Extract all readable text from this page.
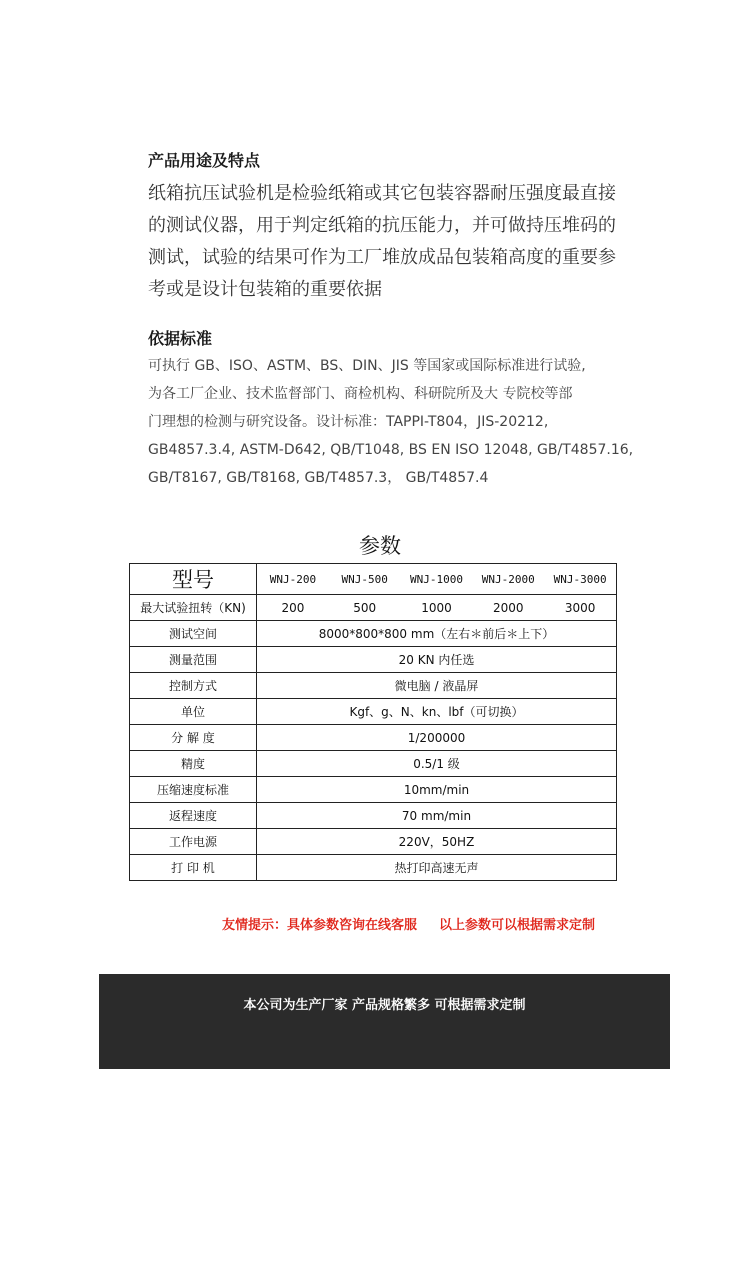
产品用途及特点
纸箱抗压试验机是检验纸箱或其它包装容器耐压强度最直接
的测试仪器，用于判定纸箱的抗压能力，并可做持压堆码的
测试，试验的结果可作为工厂堆放成品包装箱高度的重要参
考或是设计包装箱的重要依据
依据标准
可执行 GB、ISO、ASTM、BS、DIN、JIS 等国家或国际标准进行试验,
为各工厂企业、技术监督部门、商检机构、科研院所及大 专院校等部
门理想的检测与研究设备。设计标准：TAPPI-T804，JIS-20212,
GB4857.3.4, ASTM-D642, QB/T1048, BS EN ISO 12048, GB/T4857.16,
GB/T8167, GB/T8168, GB/T4857.3， GB/T4857.4
参数
型号	WNJ-200 WNJ-500 WNJ-1000 WNJ-2000 WNJ-3000

最大试验扭转（KN)	200 500 1000 2000 3000

测试空间	8000*800*800 mm（左右＊前后＊上下）
测量范围	20 KN 内任选
控制方式	微电脑 / 液晶屏
单位	Kgf、g、N、kn、lbf（可切换）
分 解 度	1/200000
精度	0.5/1 级
压缩速度标准	10mm/min
返程速度	70 mm/min
工作电源	220V，50HZ
打 印 机	热打印高速无声
友情提示：具体参数咨询在线客服 以上参数可以根据需求定制
本公司为生产厂家 产品规格繁多 可根据需求定制
